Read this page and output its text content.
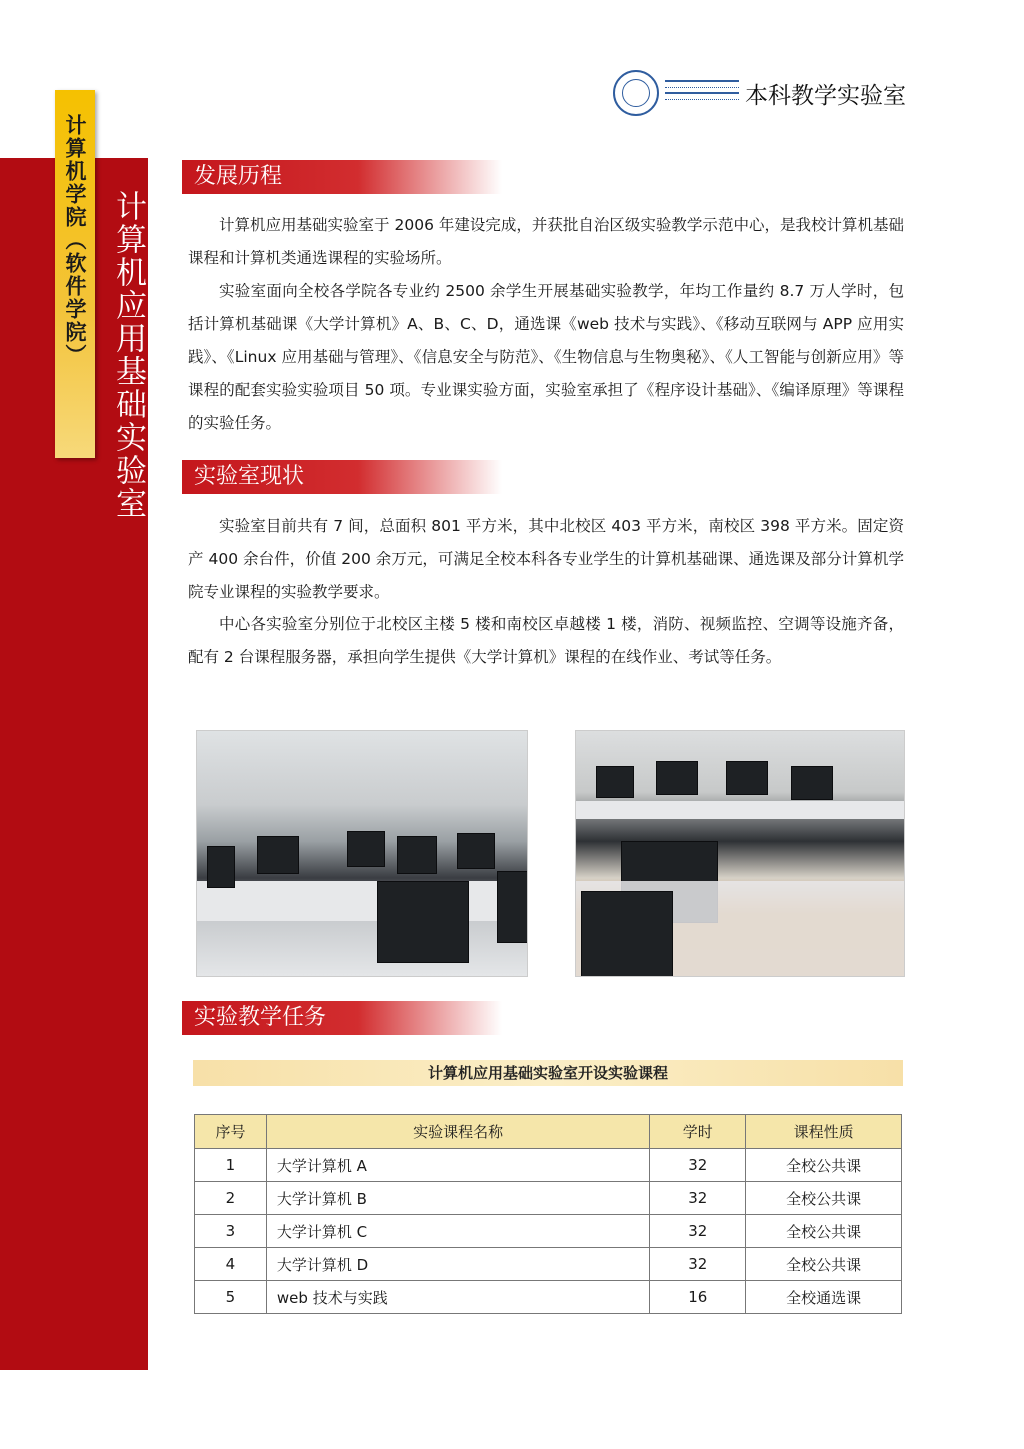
本科教学实验室
计算机学院（软件学院） 计算机应用基础实验室
发展历程

计算机应用基础实验室于 2006 年建设完成，并获批自治区级实验教学示范中心，是我校计算机基础课程和计算机类通选课程的实验场所。

实验室面向全校各学院各专业约 2500 余学生开展基础实验教学，年均工作量约 8.7 万人学时，包括计算机基础课《大学计算机》A、B、C、D，通选课《web 技术与实践》、《移动互联网与 APP 应用实践》、《Linux 应用基础与管理》、《信息安全与防范》、《生物信息与生物奥秘》、《人工智能与创新应用》等课程的配套实验实验项目 50 项。专业课实验方面，实验室承担了《程序设计基础》、《编译原理》等课程的实验任务。

实验室现状

实验室目前共有 7 间，总面积 801 平方米，其中北校区 403 平方米，南校区 398 平方米。固定资产 400 余台件，价值 200 余万元，可满足全校本科各专业学生的计算机基础课、通选课及部分计算机学院专业课程的实验教学要求。

中心各实验室分别位于北校区主楼 5 楼和南校区卓越楼 1 楼，消防、视频监控、空调等设施齐备，配有 2 台课程服务器，承担向学生提供《大学计算机》课程的在线作业、考试等任务。

实验教学任务
计算机应用基础实验室开设实验课程
序号	实验课程名称	学时	课程性质
1	大学计算机 A	32	全校公共课
2	大学计算机 B	32	全校公共课
3	大学计算机 C	32	全校公共课
4	大学计算机 D	32	全校公共课
5	web 技术与实践	16	全校通选课
